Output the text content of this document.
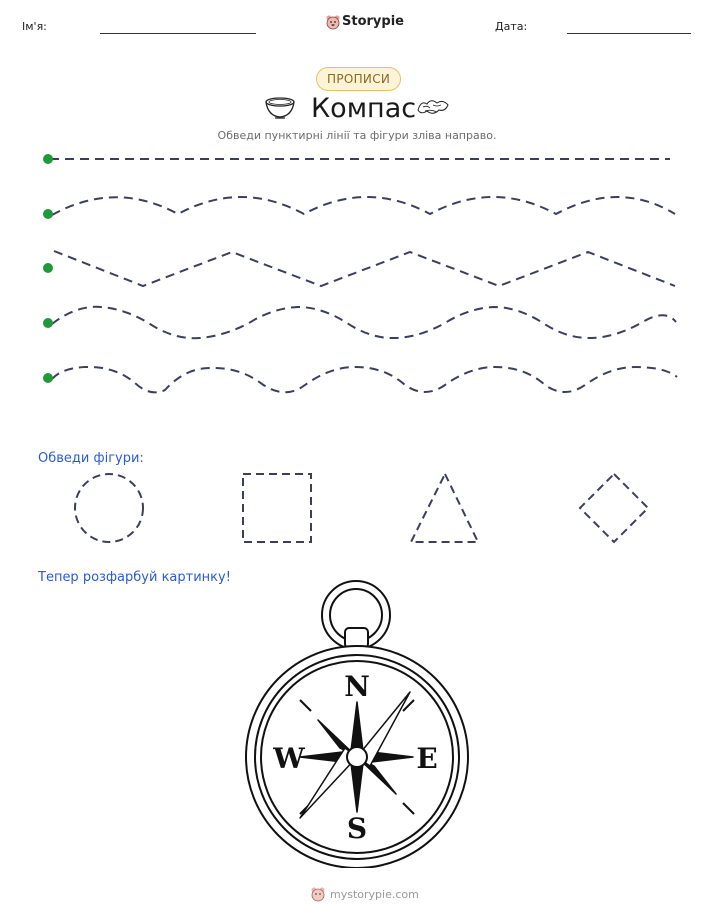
Ім'я:	Storypie	Дата:
ПРОПИСИ
Компас
Обведи пунктирні лінії та фігури зліва направо.
Обведи фігури:
Тепер розфарбуй картинку!
N
S
E
W
mystorypie.com
